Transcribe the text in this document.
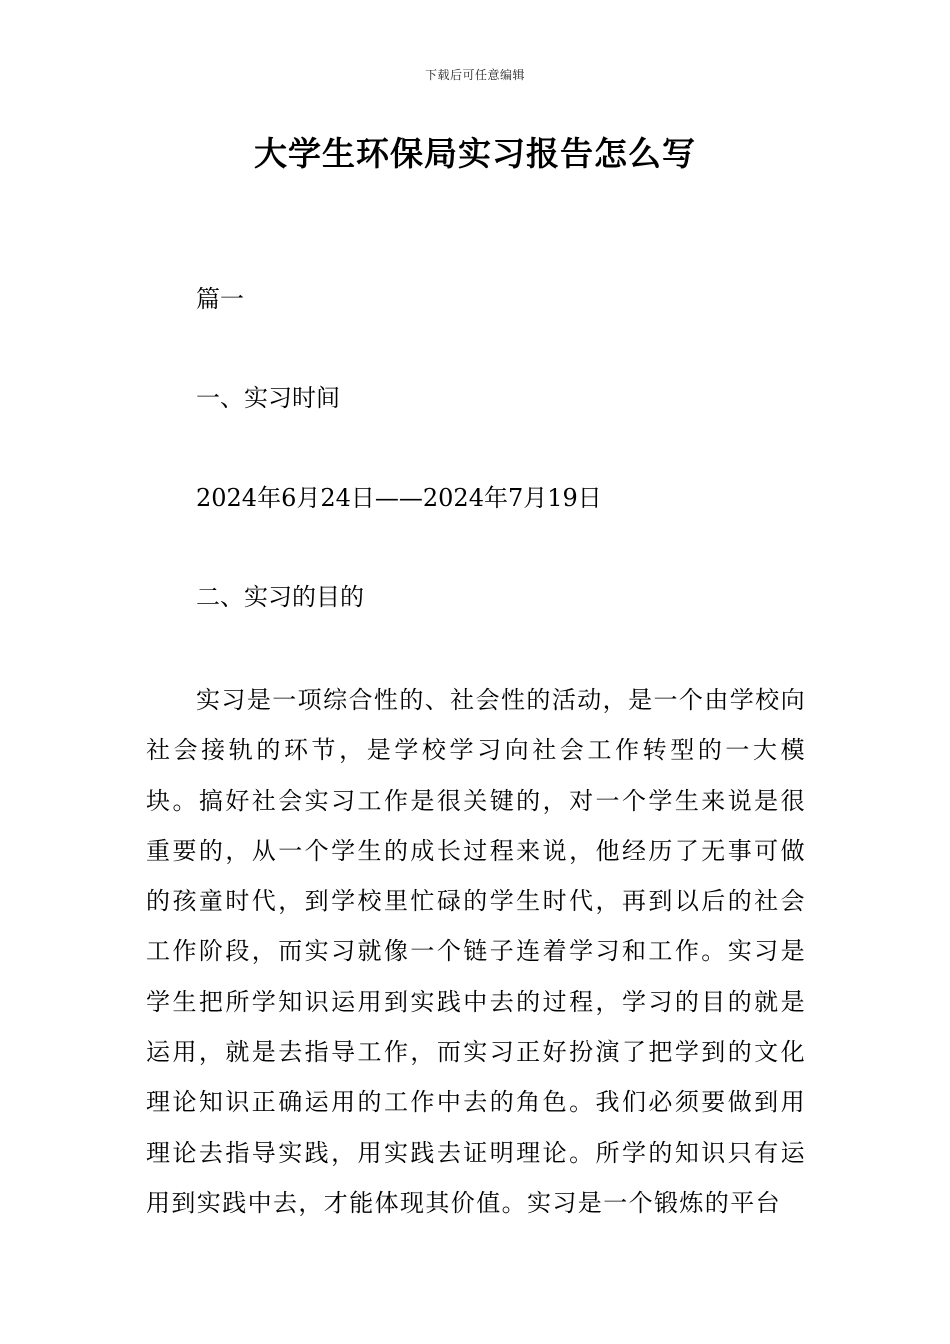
下载后可任意编辑
大学生环保局实习报告怎么写
篇一
一、实习时间
2024年6月24日——2024年7月19日
二、实习的目的

实习是一项综合性的、社会性的活动，是一个由学校向社会接轨的环节，是学校学习向社会工作转型的一大模块。搞好社会实习工作是很关键的，对一个学生来说是很重要的，从一个学生的成长过程来说，他经历了无事可做的孩童时代，到学校里忙碌的学生时代，再到以后的社会工作阶段，而实习就像一个链子连着学习和工作。实习是学生把所学知识运用到实践中去的过程，学习的目的就是运用，就是去指导工作，而实习正好扮演了把学到的文化理论知识正确运用的工作中去的角色。我们必须要做到用理论去指导实践，用实践去证明理论。所学的知识只有运用到实践中去，才能体现其价值。实习是一个锻炼的平台
